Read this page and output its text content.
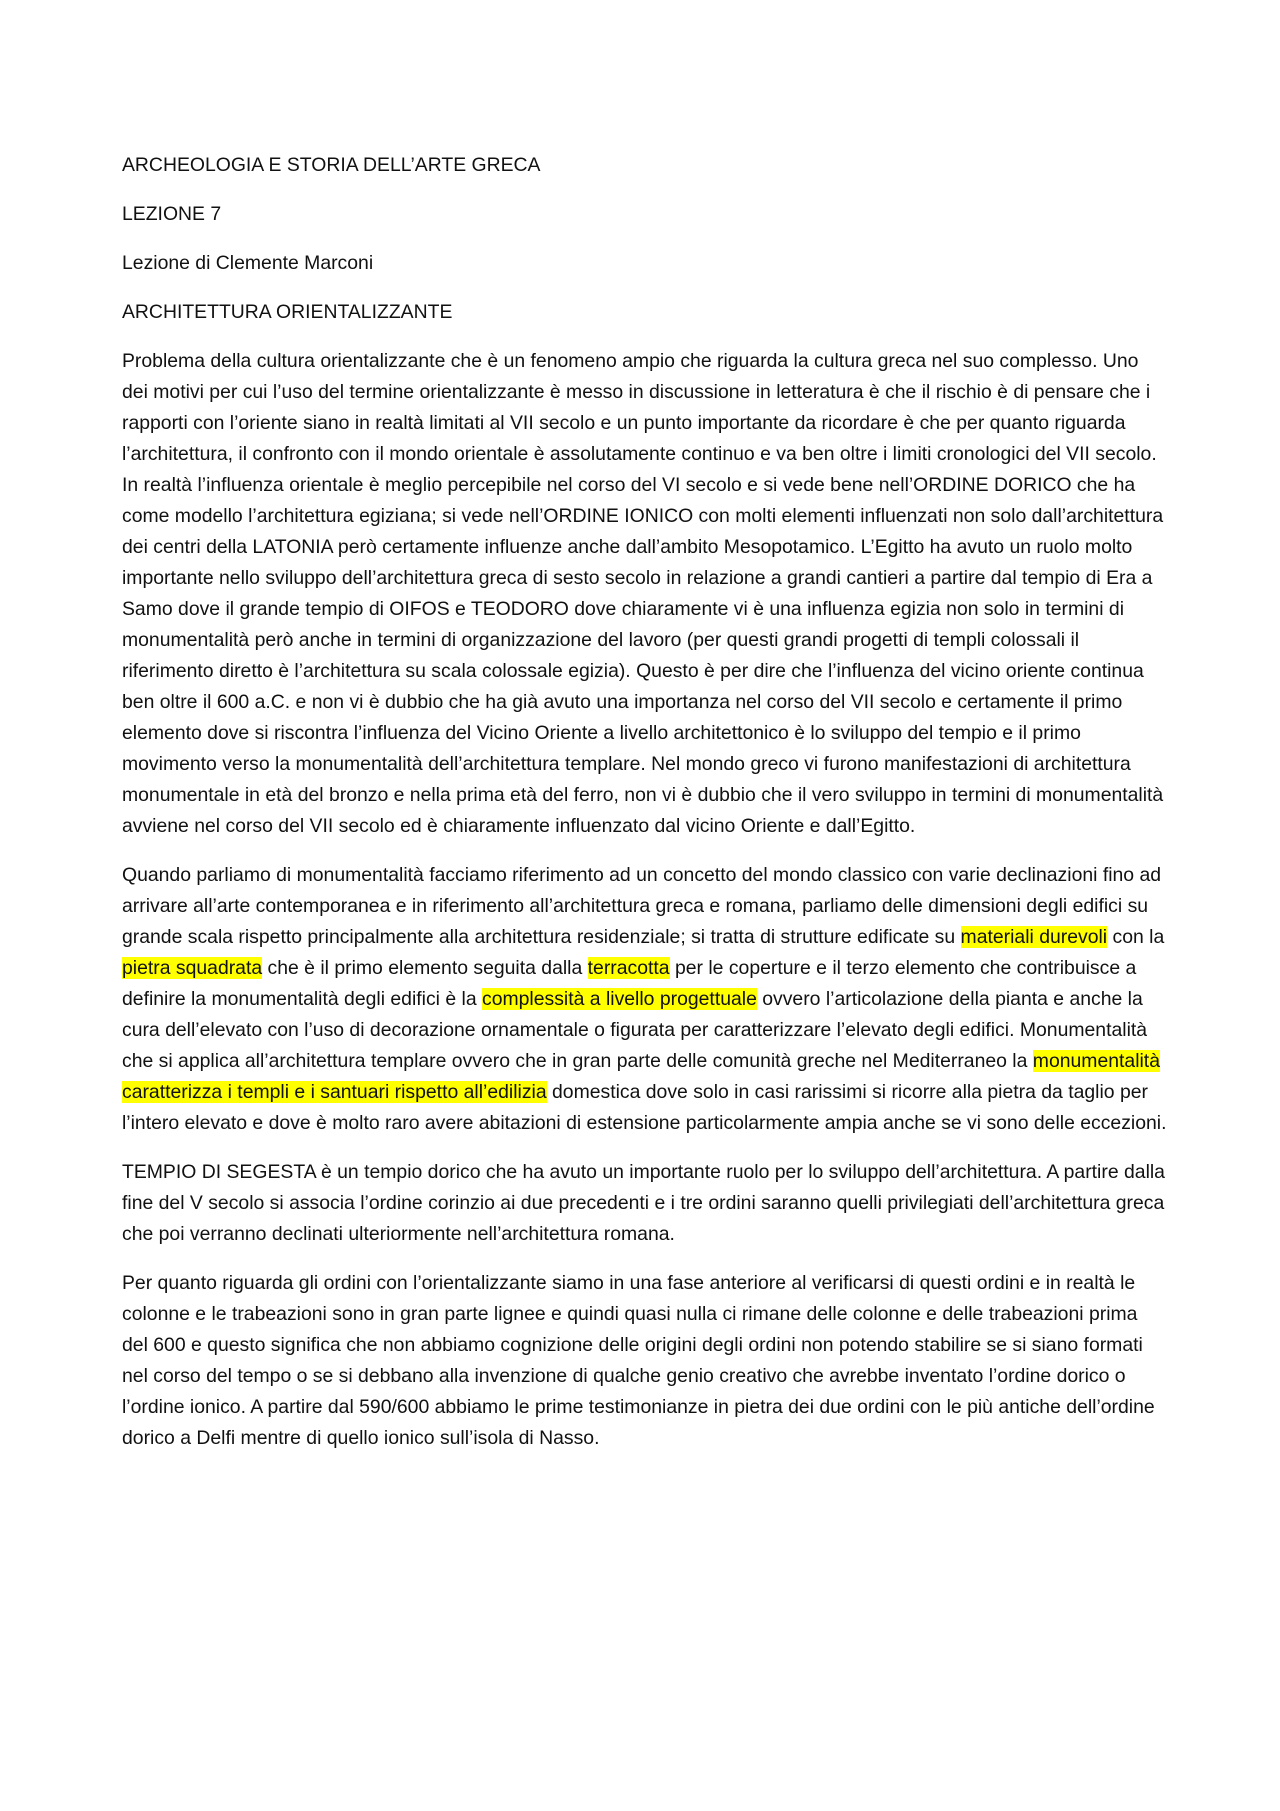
ARCHEOLOGIA E STORIA DELL’ARTE GRECA

LEZIONE 7

Lezione di Clemente Marconi

ARCHITETTURA ORIENTALIZZANTE

Problema della cultura orientalizzante che è un fenomeno ampio che riguarda la cultura greca nel suo complesso. Uno dei motivi per cui l’uso del termine orientalizzante è messo in discussione in letteratura è che il rischio è di pensare che i rapporti con l’oriente siano in realtà limitati al VII secolo e un punto importante da ricordare è che per quanto riguarda l’architettura, il confronto con il mondo orientale è assolutamente continuo e va ben oltre i limiti cronologici del VII secolo. In realtà l’influenza orientale è meglio percepibile nel corso del VI secolo e si vede bene nell’ORDINE DORICO che ha come modello l’architettura egiziana; si vede nell’ORDINE IONICO con molti elementi influenzati non solo dall’architettura dei centri della LATONIA però certamente influenze anche dall’ambito Mesopotamico. L’Egitto ha avuto un ruolo molto importante nello sviluppo dell’architettura greca di sesto secolo in relazione a grandi cantieri a partire dal tempio di Era a Samo dove il grande tempio di OIFOS e TEODORO dove chiaramente vi è una influenza egizia non solo in termini di monumentalità però anche in termini di organizzazione del lavoro (per questi grandi progetti di templi colossali il riferimento diretto è l’architettura su scala colossale egizia). Questo è per dire che l’influenza del vicino oriente continua ben oltre il 600 a.C. e non vi è dubbio che ha già avuto una importanza nel corso del VII secolo e certamente il primo elemento dove si riscontra l’influenza del Vicino Oriente a livello architettonico è lo sviluppo del tempio e il primo movimento verso la monumentalità dell’architettura templare. Nel mondo greco vi furono manifestazioni di architettura monumentale in età del bronzo e nella prima età del ferro, non vi è dubbio che il vero sviluppo in termini di monumentalità avviene nel corso del VII secolo ed è chiaramente influenzato dal vicino Oriente e dall’Egitto.

Quando parliamo di monumentalità facciamo riferimento ad un concetto del mondo classico con varie declinazioni fino ad arrivare all’arte contemporanea e in riferimento all’architettura greca e romana, parliamo delle dimensioni degli edifici su grande scala rispetto principalmente alla architettura residenziale; si tratta di strutture edificate su materiali durevoli con la pietra squadrata che è il primo elemento seguita dalla terracotta per le coperture e il terzo elemento che contribuisce a definire la monumentalità degli edifici è la complessità a livello progettuale ovvero l’articolazione della pianta e anche la cura dell’elevato con l’uso di decorazione ornamentale o figurata per caratterizzare l’elevato degli edifici. Monumentalità che si applica all’architettura templare ovvero che in gran parte delle comunità greche nel Mediterraneo la monumentalità caratterizza i templi e i santuari rispetto all’edilizia domestica dove solo in casi rarissimi si ricorre alla pietra da taglio per l’intero elevato e dove è molto raro avere abitazioni di estensione particolarmente ampia anche se vi sono delle eccezioni.

TEMPIO DI SEGESTA è un tempio dorico che ha avuto un importante ruolo per lo sviluppo dell’architettura. A partire dalla fine del V secolo si associa l’ordine corinzio ai due precedenti e i tre ordini saranno quelli privilegiati dell’architettura greca che poi verranno declinati ulteriormente nell’architettura romana.

Per quanto riguarda gli ordini con l’orientalizzante siamo in una fase anteriore al verificarsi di questi ordini e in realtà le colonne e le trabeazioni sono in gran parte lignee e quindi quasi nulla ci rimane delle colonne e delle trabeazioni prima del 600 e questo significa che non abbiamo cognizione delle origini degli ordini non potendo stabilire se si siano formati nel corso del tempo o se si debbano alla invenzione di qualche genio creativo che avrebbe inventato l’ordine dorico o l’ordine ionico. A partire dal 590/600 abbiamo le prime testimonianze in pietra dei due ordini con le più antiche dell’ordine dorico a Delfi mentre di quello ionico sull’isola di Nasso.
